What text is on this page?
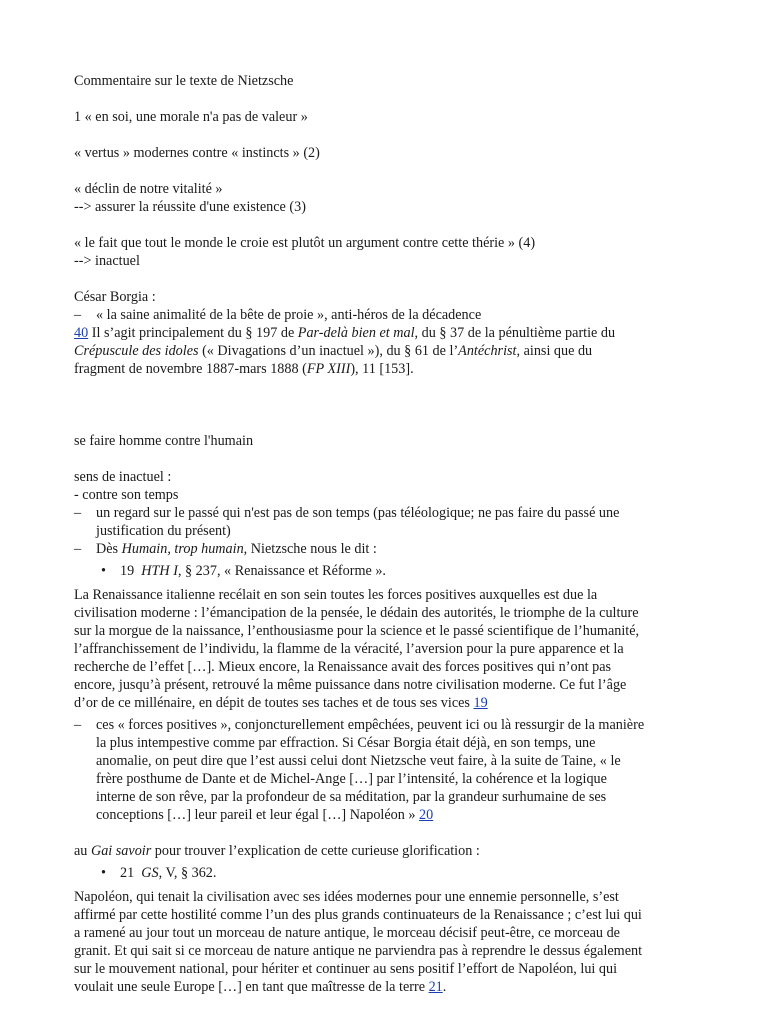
Commentaire sur le texte de Nietzsche
1 « en soi, une morale n'a pas de valeur »
« vertus » modernes contre « instincts » (2)
« déclin de notre vitalité »
--> assurer la réussite d'une existence (3)
« le fait que tout le monde le croie est plutôt un argument contre cette thérie » (4)
--> inactuel
César Borgia :
– « la saine animalité de la bête de proie », anti-héros de la décadence
40 Il s’agit principalement du § 197 de Par-delà bien et mal, du § 37 de la pénultième partie du
Crépuscule des idoles (« Divagations d’un inactuel »), du § 61 de l’Antéchrist, ainsi que du
fragment de novembre 1887-mars 1888 (FP XIII), 11 [153].
se faire homme contre l'humain
sens de inactuel :
- contre son temps
– un regard sur le passé qui n'est pas de son temps (pas téléologique; ne pas faire du passé une
justification du présent)
– Dès Humain, trop humain, Nietzsche nous le dit :
• 19 HTH I, § 237, « Renaissance et Réforme ».
La Renaissance italienne recélait en son sein toutes les forces positives auxquelles est due la
civilisation moderne : l’émancipation de la pensée, le dédain des autorités, le triomphe de la culture
sur la morgue de la naissance, l’enthousiasme pour la science et le passé scientifique de l’humanité,
l’affranchissement de l’individu, la flamme de la véracité, l’aversion pour la pure apparence et la
recherche de l’effet […]. Mieux encore, la Renaissance avait des forces positives qui n’ont pas
encore, jusqu’à présent, retrouvé la même puissance dans notre civilisation moderne. Ce fut l’âge
d’or de ce millénaire, en dépit de toutes ses taches et de tous ses vices 19
– ces « forces positives », conjoncturellement empêchées, peuvent ici ou là ressurgir de la manière
la plus intempestive comme par effraction. Si César Borgia était déjà, en son temps, une
anomalie, on peut dire que l’est aussi celui dont Nietzsche veut faire, à la suite de Taine, « le
frère posthume de Dante et de Michel-Ange […] par l’intensité, la cohérence et la logique
interne de son rêve, par la profondeur de sa méditation, par la grandeur surhumaine de ses
conceptions […] leur pareil et leur égal […] Napoléon » 20
au Gai savoir pour trouver l’explication de cette curieuse glorification :
• 21 GS, V, § 362.
Napoléon, qui tenait la civilisation avec ses idées modernes pour une ennemie personnelle, s’est
affirmé par cette hostilité comme l’un des plus grands continuateurs de la Renaissance ; c’est lui qui
a ramené au jour tout un morceau de nature antique, le morceau décisif peut-être, ce morceau de
granit. Et qui sait si ce morceau de nature antique ne parviendra pas à reprendre le dessus également
sur le mouvement national, pour hériter et continuer au sens positif l’effort de Napoléon, lui qui
voulait une seule Europe […] en tant que maîtresse de la terre 21.
